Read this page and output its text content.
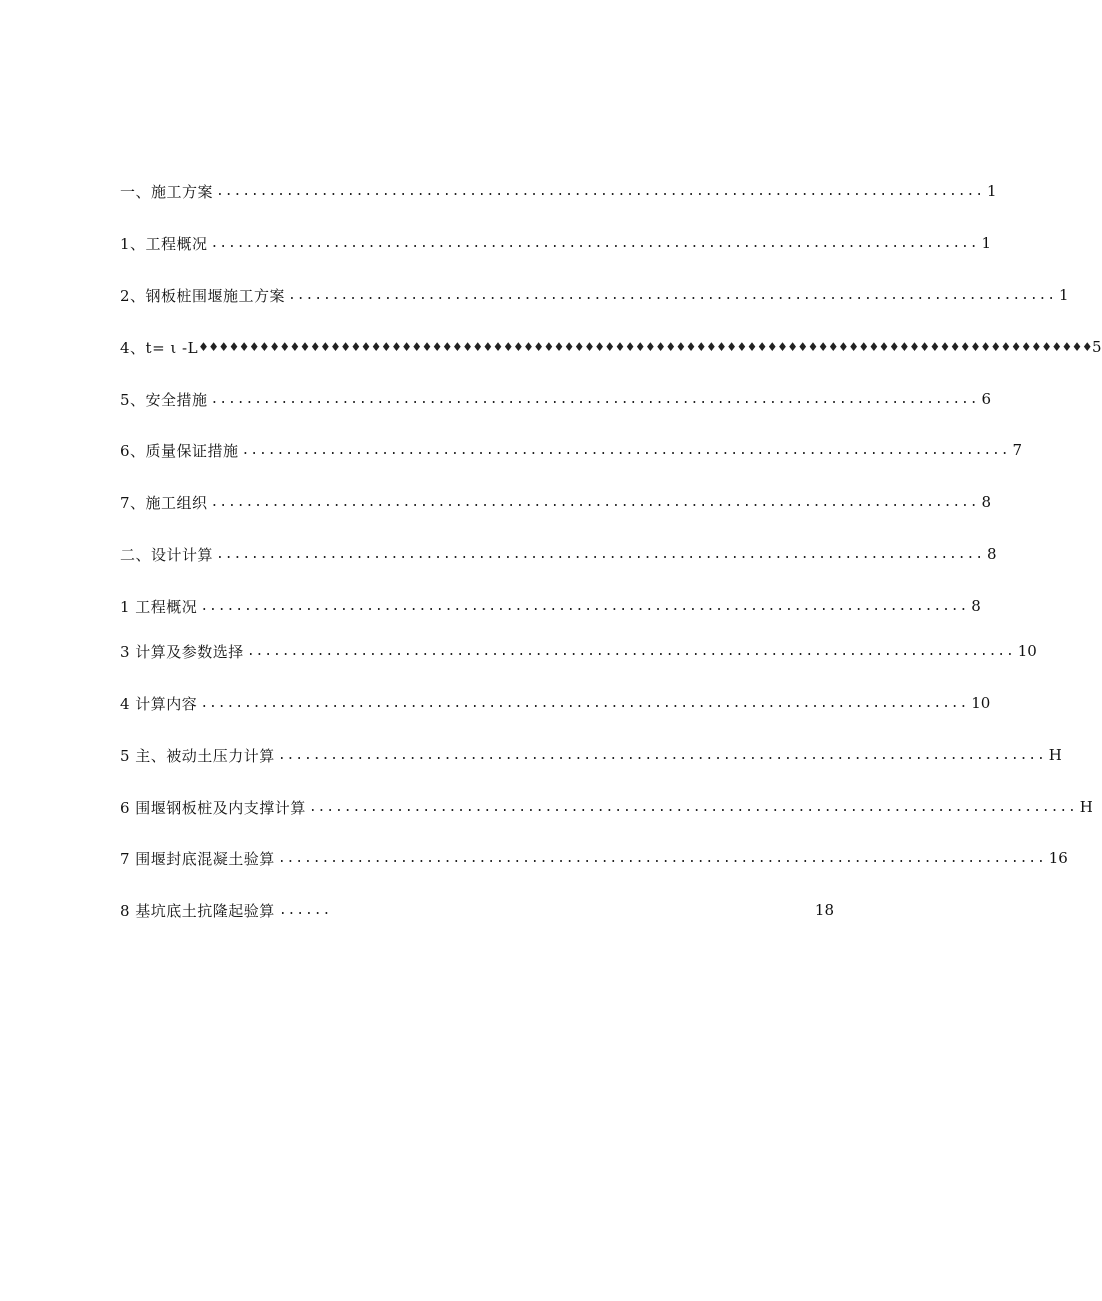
一、施工方案 ........................................................................................ 1
1、工程概况 ........................................................................................ 1
2、钢板桩围堰施工方案 ........................................................................................ 1
4、t= ι -L ♦♦♦♦♦♦♦♦♦♦♦♦♦♦♦♦♦♦♦♦♦♦♦♦♦♦♦♦♦♦♦♦♦♦♦♦♦♦♦♦♦♦♦♦♦♦♦♦♦♦♦♦♦♦♦♦♦♦♦♦♦♦♦♦♦♦♦♦♦♦♦♦♦♦♦♦♦♦♦♦♦♦♦♦♦♦♦♦ 5
5、安全措施 ........................................................................................ 6
6、质量保证措施 ........................................................................................ 7
7、施工组织 ........................................................................................ 8
二、设计计算 ........................................................................................ 8
1 工程概况 ........................................................................................ 8
3 计算及参数选择 ........................................................................................ 10
4 计算内容 ........................................................................................ 10
5 主、被动土压力计算 ........................................................................................ H
6 围堰钢板桩及内支撑计算 ........................................................................................ H
7 围堰封底混凝土验算 ........................................................................................ 16
8 基坑底土抗隆起验算 ......	18
